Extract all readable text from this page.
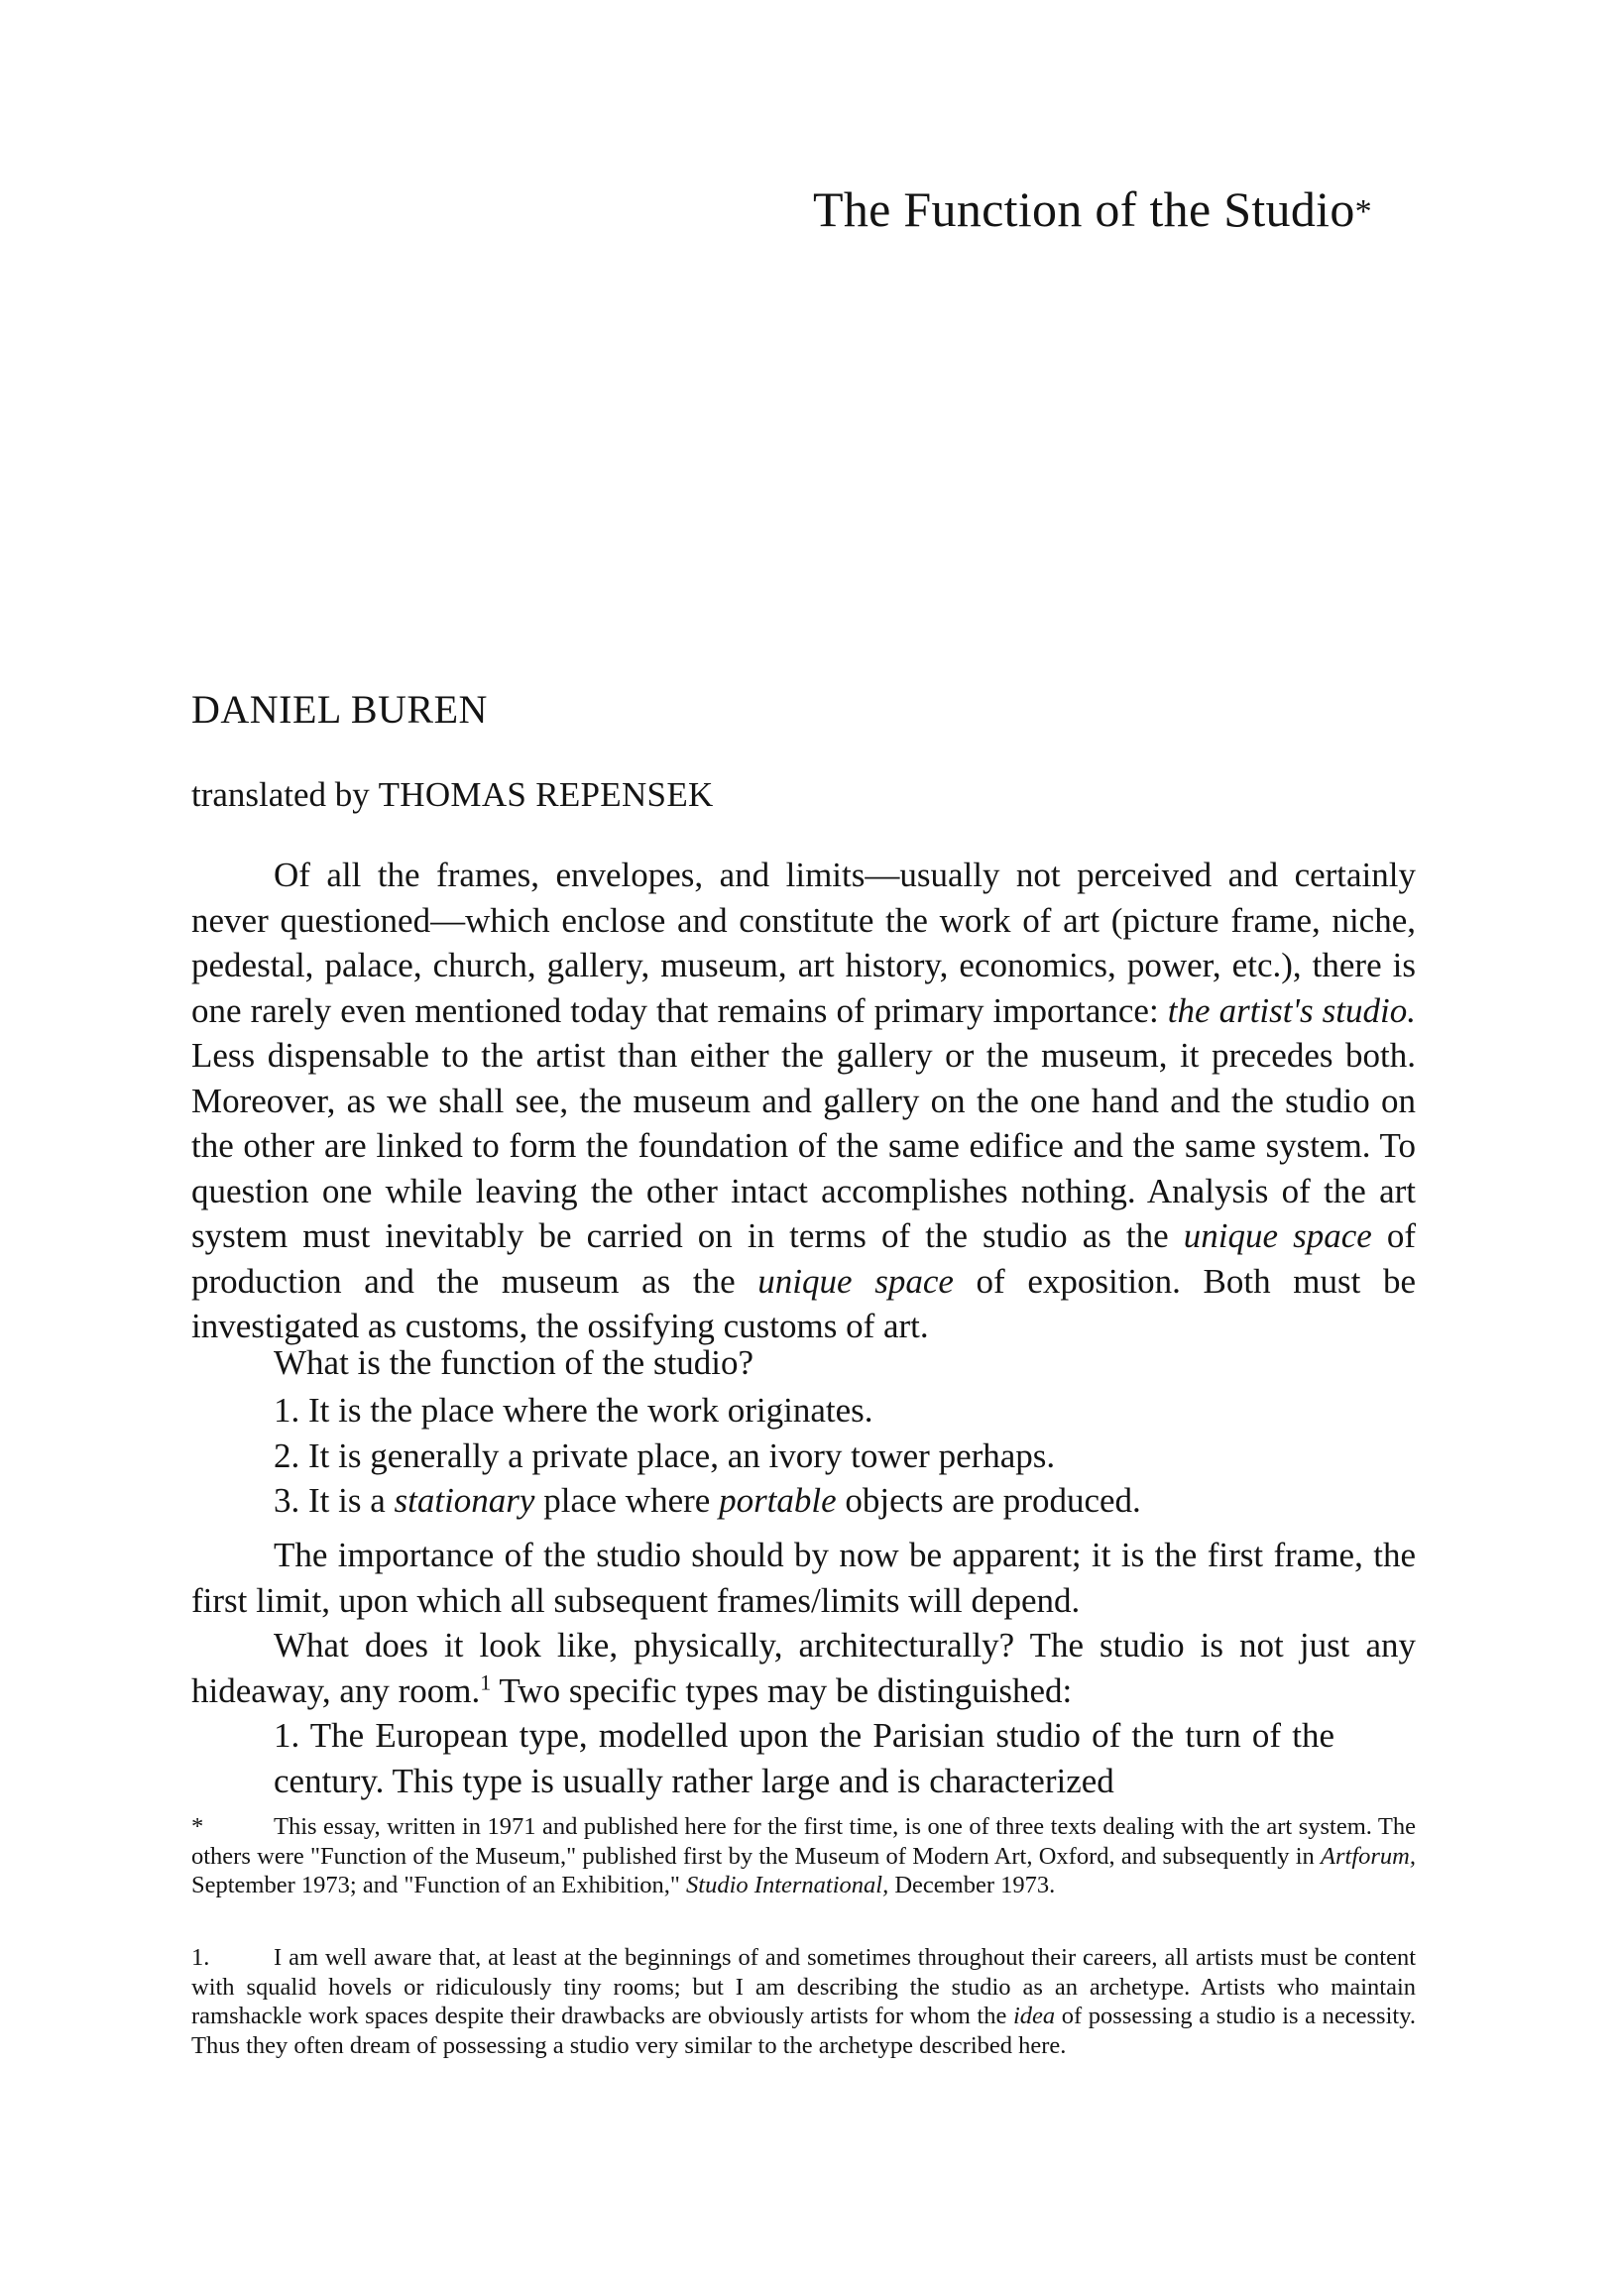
The Function of the Studio*
DANIEL BUREN
translated by THOMAS REPENSEK

Of all the frames, envelopes, and limits—usually not perceived and certainly never questioned—which enclose and constitute the work of art (picture frame, niche, pedestal, palace, church, gallery, museum, art history, economics, power, etc.), there is one rarely even mentioned today that remains of primary importance: the artist's studio. Less dispensable to the artist than either the gallery or the museum, it precedes both. Moreover, as we shall see, the museum and gallery on the one hand and the studio on the other are linked to form the foundation of the same edifice and the same system. To question one while leaving the other intact accomplishes nothing. Analysis of the art system must inevitably be carried on in terms of the studio as the unique space of production and the museum as the unique space of exposition. Both must be investigated as customs, the ossifying customs of art.

What is the function of the studio?

1. It is the place where the work originates.
2. It is generally a private place, an ivory tower perhaps.
3. It is a stationary place where portable objects are produced.

The importance of the studio should by now be apparent; it is the first frame, the first limit, upon which all subsequent frames/limits will depend.

What does it look like, physically, architecturally? The studio is not just any hideaway, any room.$^1$ Two specific types may be distinguished:

1. The European type, modelled upon the Parisian studio of the turn of the century. This type is usually rather large and is characterized

*	This essay, written in 1971 and published here for the first time, is one of three texts dealing with the art system. The others were "Function of the Museum," published first by the Museum of Modern Art, Oxford, and subsequently in Artforum, September 1973; and "Function of an Exhibition," Studio International, December 1973.

1.	I am well aware that, at least at the beginnings of and sometimes throughout their careers, all artists must be content with squalid hovels or ridiculously tiny rooms; but I am describing the studio as an archetype. Artists who maintain ramshackle work spaces despite their drawbacks are obviously artists for whom the idea of possessing a studio is a necessity. Thus they often dream of possessing a studio very similar to the archetype described here.
